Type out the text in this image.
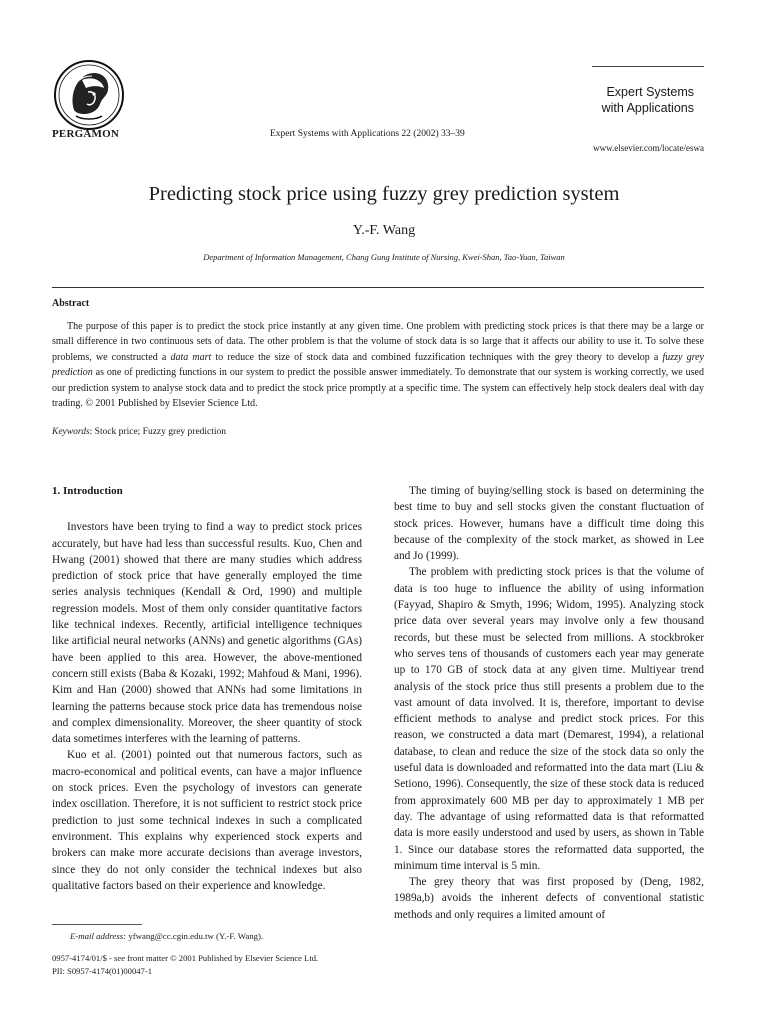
PERGAMON	Expert Systems with Applications 22 (2002) 33–39
Expert Systems
with Applications
www.elsevier.com/locate/eswa
Predicting stock price using fuzzy grey prediction system
Y.-F. Wang
Department of Information Management, Chang Gung Institute of Nursing, Kwei-Shan, Tao-Yuan, Taiwan
Abstract
The purpose of this paper is to predict the stock price instantly at any given time. One problem with predicting stock prices is that there may be a large or small difference in two continuous sets of data. The other problem is that the volume of stock data is so large that it affects our ability to use it. To solve these problems, we constructed a data mart to reduce the size of stock data and combined fuzzification techniques with the grey theory to develop a fuzzy grey prediction as one of predicting functions in our system to predict the possible answer immediately. To demonstrate that our system is working correctly, we used our prediction system to analyse stock data and to predict the stock price promptly at a specific time. The system can effectively help stock dealers deal with day trading. © 2001 Published by Elsevier Science Ltd.
Keywords: Stock price; Fuzzy grey prediction
1. Introduction

Investors have been trying to find a way to predict stock prices accurately, but have had less than successful results. Kuo, Chen and Hwang (2001) showed that there are many studies which address prediction of stock price that have generally employed the time series analysis techniques (Kendall & Ord, 1990) and multiple regression models. Most of them only consider quantitative factors like technical indexes. Recently, artificial intelligence techniques like artificial neural networks (ANNs) and genetic algorithms (GAs) have been applied to this area. However, the above-mentioned concern still exists (Baba & Kozaki, 1992; Mahfoud & Mani, 1996). Kim and Han (2000) showed that ANNs had some limitations in learning the patterns because stock price data has tremendous noise and complex dimensionality. Moreover, the sheer quantity of stock data sometimes interferes with the learning of patterns.

Kuo et al. (2001) pointed out that numerous factors, such as macro-economical and political events, can have a major influence on stock prices. Even the psychology of investors can generate index oscillation. Therefore, it is not sufficient to restrict stock price prediction to just some technical indexes in such a complicated environment. This explains why experienced stock experts and brokers can make more accurate decisions than average investors, since they do not only consider the technical indexes but also qualitative factors based on their experience and knowledge.

The timing of buying/selling stock is based on determining the best time to buy and sell stocks given the constant fluctuation of stock prices. However, humans have a difficult time doing this because of the complexity of the stock market, as showed in Lee and Jo (1999).

The problem with predicting stock prices is that the volume of data is too huge to influence the ability of using information (Fayyad, Shapiro & Smyth, 1996; Widom, 1995). Analyzing stock price data over several years may involve only a few thousand records, but these must be selected from millions. A stockbroker who serves tens of thousands of customers each year may generate up to 170 GB of stock data at any given time. Multiyear trend analysis of the stock price thus still presents a problem due to the vast amount of data involved. It is, therefore, important to devise efficient methods to analyse and predict stock prices. For this reason, we constructed a data mart (Demarest, 1994), a relational database, to clean and reduce the size of the stock data so only the useful data is downloaded and reformatted into the data mart (Liu & Setiono, 1996). Consequently, the size of these stock data is reduced from approximately 600 MB per day to approximately 1 MB per day. The advantage of using reformatted data is that reformatted data is more easily understood and used by users, as shown in Table 1. Since our database stores the reformatted data supported, the minimum time interval is 5 min.

The grey theory that was first proposed by (Deng, 1982, 1989a,b) avoids the inherent defects of conventional statistic methods and only requires a limited amount of

E-mail address: yfwang@cc.cgin.edu.tw (Y.-F. Wang).
0957-4174/01/$ - see front matter © 2001 Published by Elsevier Science Ltd.
PII: S0957-4174(01)00047-1
